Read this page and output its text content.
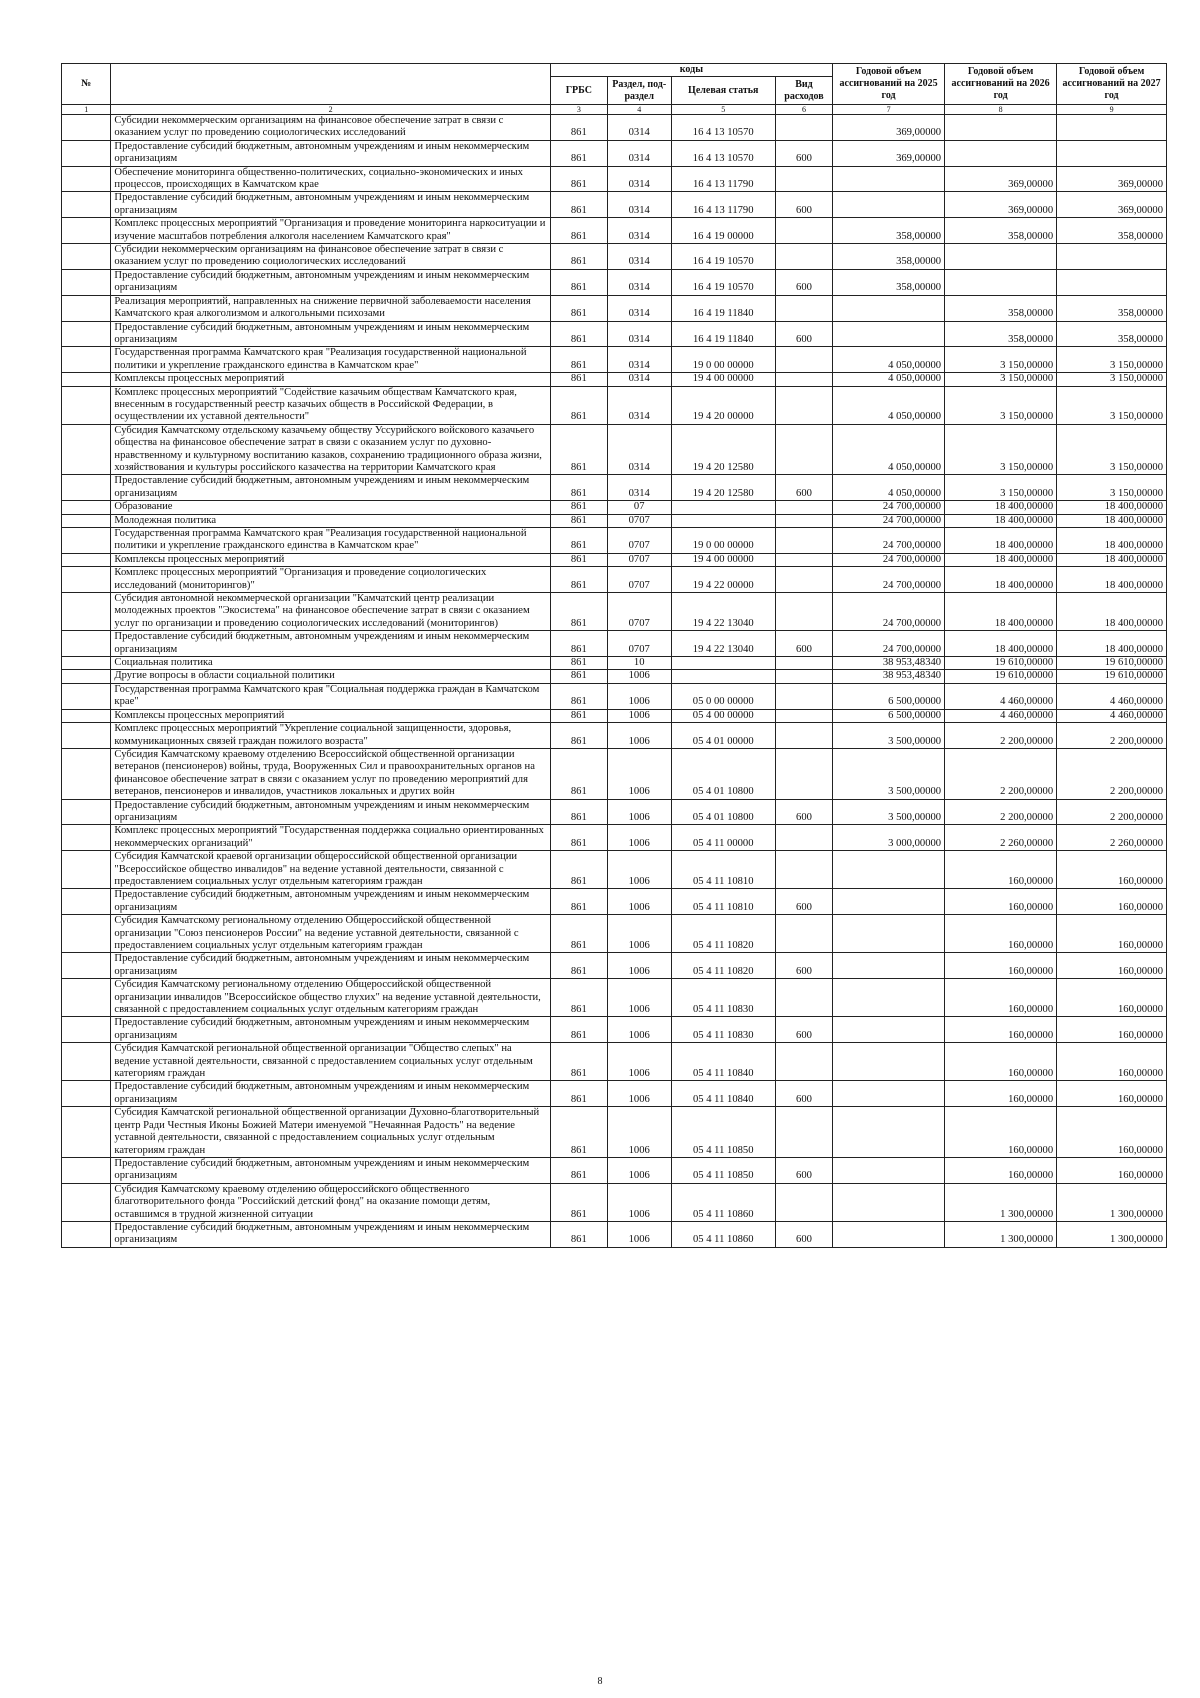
№		коды				Годовой объем ассигнований на 2025 год	Годовой объем ассигнований на 2026 год	Годовой объем ассигнований на 2027 год
		ГРБС	Раздел, под-раздел	Целевая статья	Вид расходов			
1	2	3	4	5	6	7	8	9
	Субсидии некоммерческим организациям на финансовое обеспечение затрат в связи с оказанием услуг по проведению социологических исследований	861	0314	16 4 13 10570		369,00000		
	Предоставление субсидий бюджетным, автономным учреждениям и иным некоммерческим организациям	861	0314	16 4 13 10570	600	369,00000		
	Обеспечение мониторинга общественно-политических, социально-экономических и иных процессов, происходящих в Камчатском крае	861	0314	16 4 13 11790			369,00000	369,00000
	Предоставление субсидий бюджетным, автономным учреждениям и иным некоммерческим организациям	861	0314	16 4 13 11790	600		369,00000	369,00000
	Комплекс процессных мероприятий "Организация и проведение мониторинга наркоситуации и изучение масштабов потребления алкоголя населением Камчатского края"	861	0314	16 4 19 00000		358,00000	358,00000	358,00000
	Субсидии некоммерческим организациям на финансовое обеспечение затрат в связи с оказанием услуг по проведению социологических исследований	861	0314	16 4 19 10570		358,00000		
	Предоставление субсидий бюджетным, автономным учреждениям и иным некоммерческим организациям	861	0314	16 4 19 10570	600	358,00000		
	Реализация мероприятий, направленных на снижение первичной заболеваемости населения Камчатского края алкоголизмом и алкогольными психозами	861	0314	16 4 19 11840			358,00000	358,00000
	Предоставление субсидий бюджетным, автономным учреждениям и иным некоммерческим организациям	861	0314	16 4 19 11840	600		358,00000	358,00000
	Государственная программа Камчатского края "Реализация государственной национальной политики и укрепление гражданского единства в Камчатском крае"	861	0314	19 0 00 00000		4 050,00000	3 150,00000	3 150,00000
	Комплексы процессных мероприятий	861	0314	19 4 00 00000		4 050,00000	3 150,00000	3 150,00000
	Комплекс процессных мероприятий "Содействие казачьим обществам Камчатского края, внесенным в государственный реестр казачьих обществ в Российской Федерации, в осуществлении их уставной деятельности"	861	0314	19 4 20 00000		4 050,00000	3 150,00000	3 150,00000
	Субсидия Камчатскому отдельскому казачьему обществу Уссурийского войскового казачьего общества на финансовое обеспечение затрат в связи с оказанием услуг по духовно-нравственному и культурному воспитанию казаков, сохранению традиционного образа жизни, хозяйствования и культуры российского казачества на территории Камчатского края	861	0314	19 4 20 12580		4 050,00000	3 150,00000	3 150,00000
	Предоставление субсидий бюджетным, автономным учреждениям и иным некоммерческим организациям	861	0314	19 4 20 12580	600	4 050,00000	3 150,00000	3 150,00000
	Образование	861	07			24 700,00000	18 400,00000	18 400,00000
	Молодежная политика	861	0707			24 700,00000	18 400,00000	18 400,00000
	Государственная программа Камчатского края "Реализация государственной национальной политики и укрепление гражданского единства в Камчатском крае"	861	0707	19 0 00 00000		24 700,00000	18 400,00000	18 400,00000
	Комплексы процессных мероприятий	861	0707	19 4 00 00000		24 700,00000	18 400,00000	18 400,00000
	Комплекс процессных мероприятий "Организация и проведение социологических исследований (мониторингов)"	861	0707	19 4 22 00000		24 700,00000	18 400,00000	18 400,00000
	Субсидия автономной некоммерческой организации "Камчатский центр реализации молодежных проектов "Экосистема" на финансовое обеспечение затрат в связи с оказанием услуг по организации и проведению социологических исследований (мониторингов)	861	0707	19 4 22 13040		24 700,00000	18 400,00000	18 400,00000
	Предоставление субсидий бюджетным, автономным учреждениям и иным некоммерческим организациям	861	0707	19 4 22 13040	600	24 700,00000	18 400,00000	18 400,00000
	Социальная политика	861	10			38 953,48340	19 610,00000	19 610,00000
	Другие вопросы в области социальной политики	861	1006			38 953,48340	19 610,00000	19 610,00000
	Государственная программа Камчатского края "Социальная поддержка граждан в Камчатском крае"	861	1006	05 0 00 00000		6 500,00000	4 460,00000	4 460,00000
	Комплексы процессных мероприятий	861	1006	05 4 00 00000		6 500,00000	4 460,00000	4 460,00000
	Комплекс процессных мероприятий "Укрепление социальной защищенности, здоровья, коммуникационных связей граждан пожилого возраста"	861	1006	05 4 01 00000		3 500,00000	2 200,00000	2 200,00000
	Субсидия Камчатскому краевому отделению Всероссийской общественной организации ветеранов (пенсионеров) войны, труда, Вооруженных Сил и правоохранительных органов на финансовое обеспечение затрат в связи с оказанием услуг по проведению мероприятий для ветеранов, пенсионеров и инвалидов, участников локальных и других войн	861	1006	05 4 01 10800		3 500,00000	2 200,00000	2 200,00000
	Предоставление субсидий бюджетным, автономным учреждениям и иным некоммерческим организациям	861	1006	05 4 01 10800	600	3 500,00000	2 200,00000	2 200,00000
	Комплекс процессных мероприятий "Государственная поддержка социально ориентированных некоммерческих организаций"	861	1006	05 4 11 00000		3 000,00000	2 260,00000	2 260,00000
	Субсидия Камчатской краевой организации общероссийской общественной организации "Всероссийское общество инвалидов" на ведение уставной деятельности, связанной с предоставлением социальных услуг отдельным категориям граждан	861	1006	05 4 11 10810			160,00000	160,00000
	Предоставление субсидий бюджетным, автономным учреждениям и иным некоммерческим организациям	861	1006	05 4 11 10810	600		160,00000	160,00000
	Субсидия Камчатскому региональному отделению Общероссийской общественной организации "Союз пенсионеров России" на ведение уставной деятельности, связанной с предоставлением социальных услуг отдельным категориям граждан	861	1006	05 4 11 10820			160,00000	160,00000
	Предоставление субсидий бюджетным, автономным учреждениям и иным некоммерческим организациям	861	1006	05 4 11 10820	600		160,00000	160,00000
	Субсидия Камчатскому региональному отделению Общероссийской общественной организации инвалидов "Всероссийское общество глухих" на ведение уставной деятельности, связанной с предоставлением социальных услуг отдельным категориям граждан	861	1006	05 4 11 10830			160,00000	160,00000
	Предоставление субсидий бюджетным, автономным учреждениям и иным некоммерческим организациям	861	1006	05 4 11 10830	600		160,00000	160,00000
	Субсидия Камчатской региональной общественной организации "Общество слепых" на ведение уставной деятельности, связанной с предоставлением социальных услуг отдельным категориям граждан	861	1006	05 4 11 10840			160,00000	160,00000
	Предоставление субсидий бюджетным, автономным учреждениям и иным некоммерческим организациям	861	1006	05 4 11 10840	600		160,00000	160,00000
	Субсидия Камчатской региональной общественной организации Духовно-благотворительный центр Ради Честныя Иконы Божией Матери именуемой "Нечаянная Радость" на ведение уставной деятельности, связанной с предоставлением социальных услуг отдельным категориям граждан	861	1006	05 4 11 10850			160,00000	160,00000
	Предоставление субсидий бюджетным, автономным учреждениям и иным некоммерческим организациям	861	1006	05 4 11 10850	600		160,00000	160,00000
	Субсидия Камчатскому краевому отделению общероссийского общественного благотворительного фонда "Российский детский фонд" на оказание помощи детям, оставшимся в трудной жизненной ситуации	861	1006	05 4 11 10860			1 300,00000	1 300,00000
	Предоставление субсидий бюджетным, автономным учреждениям и иным некоммерческим организациям	861	1006	05 4 11 10860	600		1 300,00000	1 300,00000
8
